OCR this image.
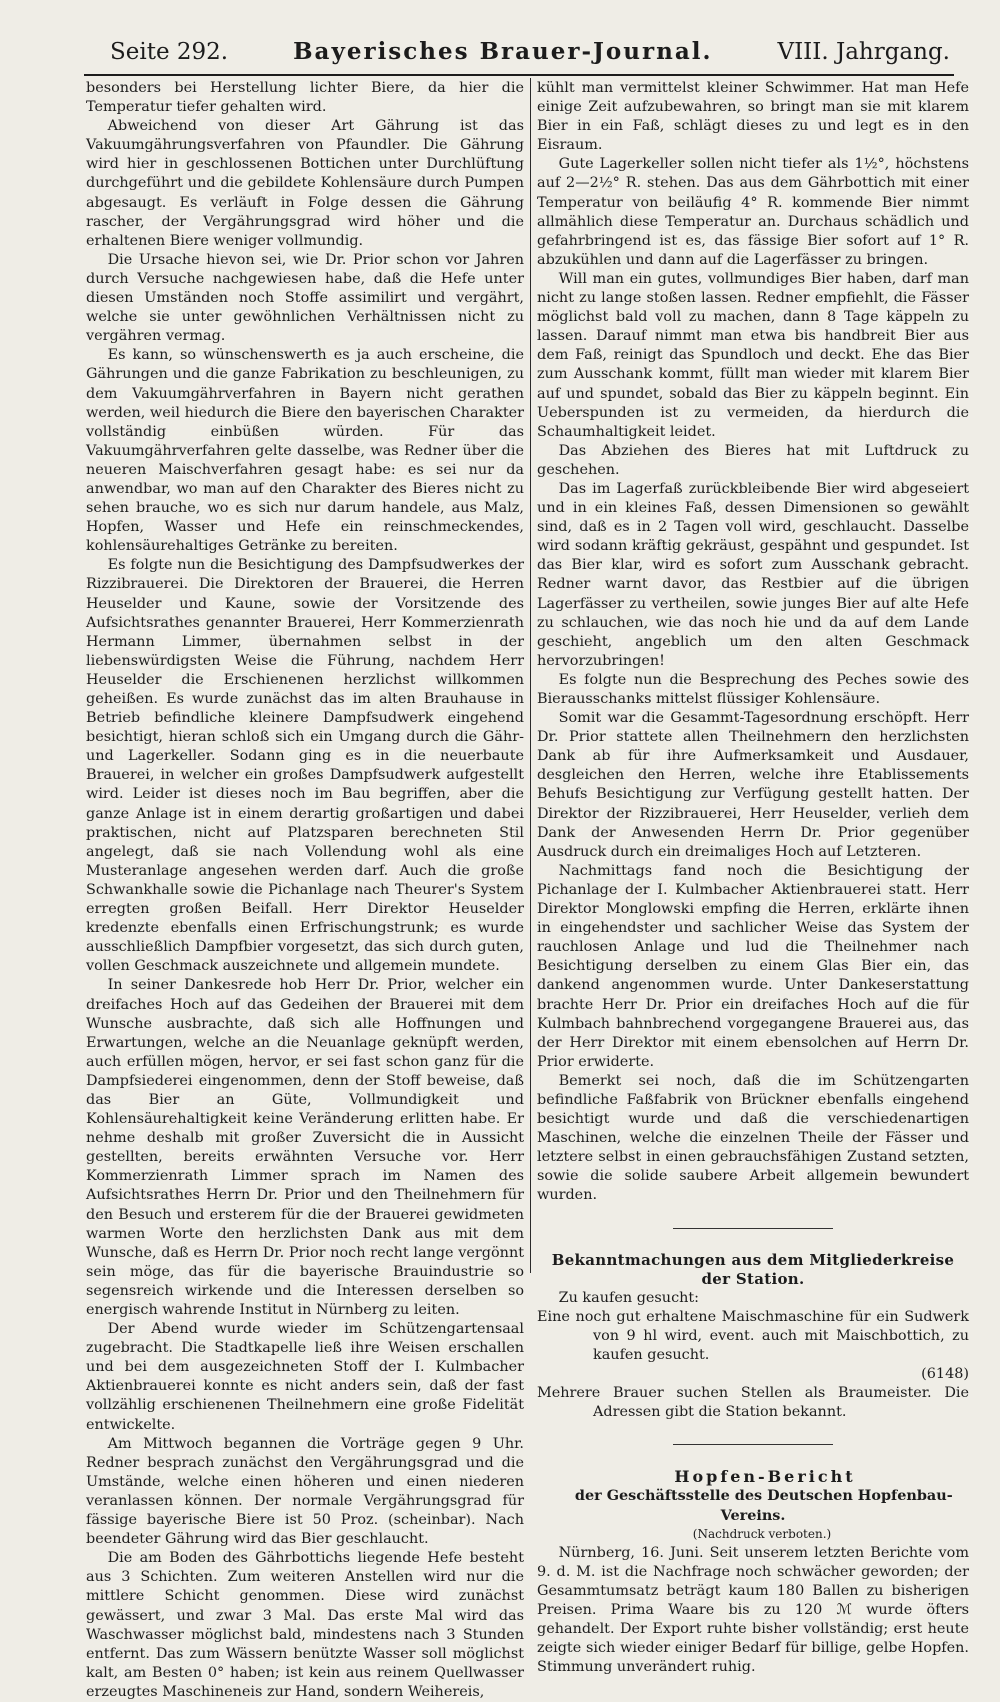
Seite 292.	Bayerisches Brauer-Journal.	VIII. Jahrgang.

besonders bei Herstellung lichter Biere, da hier die Temperatur tiefer gehalten wird.

Abweichend von dieser Art Gährung ist das Vakuumgährungsverfahren von Pfaundler. Die Gährung wird hier in geschlossenen Bottichen unter Durchlüftung durchgeführt und die gebildete Kohlensäure durch Pumpen abgesaugt. Es verläuft in Folge dessen die Gährung rascher, der Vergährungsgrad wird höher und die erhaltenen Biere weniger vollmundig.

Die Ursache hievon sei, wie Dr. Prior schon vor Jahren durch Versuche nachgewiesen habe, daß die Hefe unter diesen Umständen noch Stoffe assimilirt und vergährt, welche sie unter gewöhnlichen Verhältnissen nicht zu vergähren vermag.

Es kann, so wünschenswerth es ja auch erscheine, die Gährungen und die ganze Fabrikation zu beschleunigen, zu dem Vakuumgährverfahren in Bayern nicht gerathen werden, weil hiedurch die Biere den bayerischen Charakter vollständig einbüßen würden. Für das Vakuumgährverfahren gelte dasselbe, was Redner über die neueren Maischverfahren gesagt habe: es sei nur da anwendbar, wo man auf den Charakter des Bieres nicht zu sehen brauche, wo es sich nur darum handele, aus Malz, Hopfen, Wasser und Hefe ein reinschmeckendes, kohlensäurehaltiges Getränke zu bereiten.

Es folgte nun die Besichtigung des Dampfsudwerkes der Rizzibrauerei. Die Direktoren der Brauerei, die Herren Heuselder und Kaune, sowie der Vorsitzende des Aufsichtsrathes genannter Brauerei, Herr Kommerzienrath Hermann Limmer, übernahmen selbst in der liebenswürdigsten Weise die Führung, nachdem Herr Heuselder die Erschienenen herzlichst willkommen geheißen. Es wurde zunächst das im alten Brauhause in Betrieb befindliche kleinere Dampfsudwerk eingehend besichtigt, hieran schloß sich ein Umgang durch die Gähr- und Lagerkeller. Sodann ging es in die neuerbaute Brauerei, in welcher ein großes Dampfsudwerk aufgestellt wird. Leider ist dieses noch im Bau begriffen, aber die ganze Anlage ist in einem derartig großartigen und dabei praktischen, nicht auf Platzsparen berechneten Stil angelegt, daß sie nach Vollendung wohl als eine Musteranlage angesehen werden darf. Auch die große Schwankhalle sowie die Pichanlage nach Theurer's System erregten großen Beifall. Herr Direktor Heuselder kredenzte ebenfalls einen Erfrischungstrunk; es wurde ausschließlich Dampfbier vorgesetzt, das sich durch guten, vollen Geschmack auszeichnete und allgemein mundete.

In seiner Dankesrede hob Herr Dr. Prior, welcher ein dreifaches Hoch auf das Gedeihen der Brauerei mit dem Wunsche ausbrachte, daß sich alle Hoffnungen und Erwartungen, welche an die Neuanlage geknüpft werden, auch erfüllen mögen, hervor, er sei fast schon ganz für die Dampfsiederei eingenommen, denn der Stoff beweise, daß das Bier an Güte, Vollmundigkeit und Kohlensäurehaltigkeit keine Veränderung erlitten habe. Er nehme deshalb mit großer Zuversicht die in Aussicht gestellten, bereits erwähnten Versuche vor. Herr Kommerzienrath Limmer sprach im Namen des Aufsichtsrathes Herrn Dr. Prior und den Theilnehmern für den Besuch und ersterem für die der Brauerei gewidmeten warmen Worte den herzlichsten Dank aus mit dem Wunsche, daß es Herrn Dr. Prior noch recht lange vergönnt sein möge, das für die bayerische Brauindustrie so segensreich wirkende und die Interessen derselben so energisch wahrende Institut in Nürnberg zu leiten.

Der Abend wurde wieder im Schützengartensaal zugebracht. Die Stadtkapelle ließ ihre Weisen erschallen und bei dem ausgezeichneten Stoff der I. Kulmbacher Aktienbrauerei konnte es nicht anders sein, daß der fast vollzählig erschienenen Theilnehmern eine große Fidelität entwickelte.

Am Mittwoch begannen die Vorträge gegen 9 Uhr. Redner besprach zunächst den Vergährungsgrad und die Umstände, welche einen höheren und einen niederen veranlassen können. Der normale Vergährungsgrad für fässige bayerische Biere ist 50 Proz. (scheinbar). Nach beendeter Gährung wird das Bier geschlaucht.

Die am Boden des Gährbottichs liegende Hefe besteht aus 3 Schichten. Zum weiteren Anstellen wird nur die mittlere Schicht genommen. Diese wird zunächst gewässert, und zwar 3 Mal. Das erste Mal wird das Waschwasser möglichst bald, mindestens nach 3 Stunden entfernt. Das zum Wässern benützte Wasser soll möglichst kalt, am Besten 0° haben; ist kein aus reinem Quellwasser erzeugtes Maschineneis zur Hand, sondern Weihereis,

kühlt man vermittelst kleiner Schwimmer. Hat man Hefe einige Zeit aufzubewahren, so bringt man sie mit klarem Bier in ein Faß, schlägt dieses zu und legt es in den Eisraum.

Gute Lagerkeller sollen nicht tiefer als 1½°, höchstens auf 2—2½° R. stehen. Das aus dem Gährbottich mit einer Temperatur von beiläufig 4° R. kommende Bier nimmt allmählich diese Temperatur an. Durchaus schädlich und gefahrbringend ist es, das fässige Bier sofort auf 1° R. abzukühlen und dann auf die Lagerfässer zu bringen.

Will man ein gutes, vollmundiges Bier haben, darf man nicht zu lange stoßen lassen. Redner empfiehlt, die Fässer möglichst bald voll zu machen, dann 8 Tage käppeln zu lassen. Darauf nimmt man etwa bis handbreit Bier aus dem Faß, reinigt das Spundloch und deckt. Ehe das Bier zum Ausschank kommt, füllt man wieder mit klarem Bier auf und spundet, sobald das Bier zu käppeln beginnt. Ein Ueberspunden ist zu vermeiden, da hierdurch die Schaumhaltigkeit leidet.

Das Abziehen des Bieres hat mit Luftdruck zu geschehen.

Das im Lagerfaß zurückbleibende Bier wird abgeseiert und in ein kleines Faß, dessen Dimensionen so gewählt sind, daß es in 2 Tagen voll wird, geschlaucht. Dasselbe wird sodann kräftig gekräust, gespähnt und gespundet. Ist das Bier klar, wird es sofort zum Ausschank gebracht. Redner warnt davor, das Restbier auf die übrigen Lagerfässer zu vertheilen, sowie junges Bier auf alte Hefe zu schlauchen, wie das noch hie und da auf dem Lande geschieht, angeblich um den alten Geschmack hervorzubringen!

Es folgte nun die Besprechung des Peches sowie des Bierausschanks mittelst flüssiger Kohlensäure.

Somit war die Gesammt-Tagesordnung erschöpft. Herr Dr. Prior stattete allen Theilnehmern den herzlichsten Dank ab für ihre Aufmerksamkeit und Ausdauer, desgleichen den Herren, welche ihre Etablissements Behufs Besichtigung zur Verfügung gestellt hatten. Der Direktor der Rizzibrauerei, Herr Heuselder, verlieh dem Dank der Anwesenden Herrn Dr. Prior gegenüber Ausdruck durch ein dreimaliges Hoch auf Letzteren.

Nachmittags fand noch die Besichtigung der Pichanlage der I. Kulmbacher Aktienbrauerei statt. Herr Direktor Monglowski empfing die Herren, erklärte ihnen in eingehendster und sachlicher Weise das System der rauchlosen Anlage und lud die Theilnehmer nach Besichtigung derselben zu einem Glas Bier ein, das dankend angenommen wurde. Unter Dankeserstattung brachte Herr Dr. Prior ein dreifaches Hoch auf die für Kulmbach bahnbrechend vorgegangene Brauerei aus, das der Herr Direktor mit einem ebensolchen auf Herrn Dr. Prior erwiderte.

Bemerkt sei noch, daß die im Schützengarten befindliche Faßfabrik von Brückner ebenfalls eingehend besichtigt wurde und daß die verschiedenartigen Maschinen, welche die einzelnen Theile der Fässer und letztere selbst in einen gebrauchsfähigen Zustand setzten, sowie die solide saubere Arbeit allgemein bewundert wurden.

Bekanntmachungen aus dem Mitgliederkreise der Station.

Zu kaufen gesucht:

Eine noch gut erhaltene Maischmaschine für ein Sudwerk von 9 hl wird, event. auch mit Maischbottich, zu kaufen gesucht.

(6148)

Mehrere Brauer suchen Stellen als Braumeister. Die Adressen gibt die Station bekannt.

Hopfen-Bericht

der Geschäftsstelle des Deutschen Hopfenbau-Vereins.

(Nachdruck verboten.)

Nürnberg, 16. Juni. Seit unserem letzten Berichte vom 9. d. M. ist die Nachfrage noch schwächer geworden; der Gesammtumsatz beträgt kaum 180 Ballen zu bisherigen Preisen. Prima Waare bis zu 120 ℳ wurde öfters gehandelt. Der Export ruhte bisher vollständig; erst heute zeigte sich wieder einiger Bedarf für billige, gelbe Hopfen. Stimmung unverändert ruhig.
